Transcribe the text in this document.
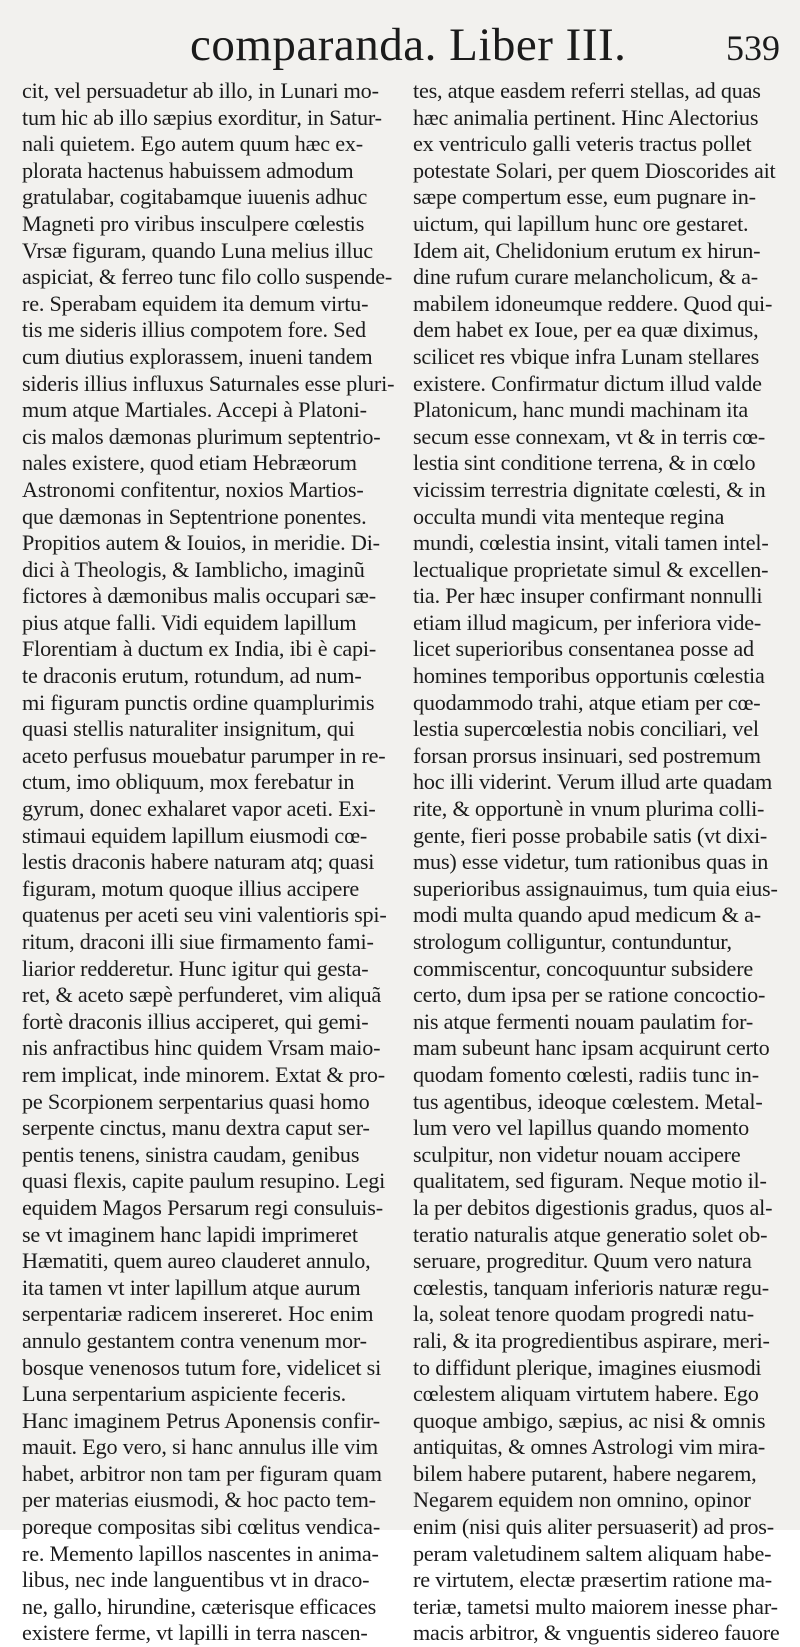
comparanda. Liber III.	539
cit, vel persuadetur ab illo, in Lunari mo-
tum hic ab illo sæpius exorditur, in Satur-
nali quietem. Ego autem quum hæc ex-
plorata hactenus habuissem admodum
gratulabar, cogitabamque iuuenis adhuc
Magneti pro viribus insculpere cœlestis
Vrsæ figuram, quando Luna melius illuc
aspiciat, & ferreo tunc filo collo suspende-
re. Sperabam equidem ita demum virtu-
tis me sideris illius compotem fore. Sed
cum diutius explorassem, inueni tandem
sideris illius influxus Saturnales esse pluri-
mum atque Martiales. Accepi à Platoni-
cis malos dæmonas plurimum septentrio-
nales existere, quod etiam Hebræorum
Astronomi confitentur, noxios Martios-
que dæmonas in Septentrione ponentes.
Propitios autem & Iouios, in meridie. Di-
dici à Theologis, & Iamblicho, imaginũ
fictores à dæmonibus malis occupari sæ-
pius atque falli. Vidi equidem lapillum
Florentiam à ductum ex India, ibi è capi-
te draconis erutum, rotundum, ad num-
mi figuram punctis ordine quamplurimis
quasi stellis naturaliter insignitum, qui
aceto perfusus mouebatur parumper in re-
ctum, imo obliquum, mox ferebatur in
gyrum, donec exhalaret vapor aceti. Exi-
stimaui equidem lapillum eiusmodi cœ-
lestis draconis habere naturam atq; quasi
figuram, motum quoque illius accipere
quatenus per aceti seu vini valentioris spi-
ritum, draconi illi siue firmamento fami-
liarior redderetur. Hunc igitur qui gesta-
ret, & aceto sæpè perfunderet, vim aliquã
fortè draconis illius acciperet, qui gemi-
nis anfractibus hinc quidem Vrsam maio-
rem implicat, inde minorem. Extat & pro-
pe Scorpionem serpentarius quasi homo
serpente cinctus, manu dextra caput ser-
pentis tenens, sinistra caudam, genibus
quasi flexis, capite paulum resupino. Legi
equidem Magos Persarum regi consuluis-
se vt imaginem hanc lapidi imprimeret
Hæmatiti, quem aureo clauderet annulo,
ita tamen vt inter lapillum atque aurum
serpentariæ radicem insereret. Hoc enim
annulo gestantem contra venenum mor-
bosque venenosos tutum fore, videlicet si
Luna serpentarium aspiciente feceris.
Hanc imaginem Petrus Aponensis confir-
mauit. Ego vero, si hanc annulus ille vim
habet, arbitror non tam per figuram quam
per materias eiusmodi, & hoc pacto tem-
poreque compositas sibi cœlitus vendica-
re. Memento lapillos nascentes in anima-
libus, nec inde languentibus vt in draco-
ne, gallo, hirundine, cæterisque efficaces
existere ferme, vt lapilli in terra nascen-
tes, atque easdem referri stellas, ad quas
hæc animalia pertinent. Hinc Alectorius
ex ventriculo galli veteris tractus pollet
potestate Solari, per quem Dioscorides ait
sæpe compertum esse, eum pugnare in-
uictum, qui lapillum hunc ore gestaret.
Idem ait, Chelidonium erutum ex hirun-
dine rufum curare melancholicum, & a-
mabilem idoneumque reddere. Quod qui-
dem habet ex Ioue, per ea quæ diximus,
scilicet res vbique infra Lunam stellares
existere. Confirmatur dictum illud valde
Platonicum, hanc mundi machinam ita
secum esse connexam, vt & in terris cœ-
lestia sint conditione terrena, & in cœlo
vicissim terrestria dignitate cœlesti, & in
occulta mundi vita menteque regina
mundi, cœlestia insint, vitali tamen intel-
lectualique proprietate simul & excellen-
tia. Per hæc insuper confirmant nonnulli
etiam illud magicum, per inferiora vide-
licet superioribus consentanea posse ad
homines temporibus opportunis cœlestia
quodammodo trahi, atque etiam per cœ-
lestia supercœlestia nobis conciliari, vel
forsan prorsus insinuari, sed postremum
hoc illi viderint. Verum illud arte quadam
rite, & opportunè in vnum plurima colli-
gente, fieri posse probabile satis (vt dixi-
mus) esse videtur, tum rationibus quas in
superioribus assignauimus, tum quia eius-
modi multa quando apud medicum & a-
strologum colliguntur, contunduntur,
commiscentur, concoquuntur subsidere
certo, dum ipsa per se ratione concoctio-
nis atque fermenti nouam paulatim for-
mam subeunt hanc ipsam acquirunt certo
quodam fomento cœlesti, radiis tunc in-
tus agentibus, ideoque cœlestem. Metal-
lum vero vel lapillus quando momento
sculpitur, non videtur nouam accipere
qualitatem, sed figuram. Neque motio il-
la per debitos digestionis gradus, quos al-
teratio naturalis atque generatio solet ob-
seruare, progreditur. Quum vero natura
cœlestis, tanquam inferioris naturæ regu-
la, soleat tenore quodam progredi natu-
rali, & ita progredientibus aspirare, meri-
to diffidunt plerique, imagines eiusmodi
cœlestem aliquam virtutem habere. Ego
quoque ambigo, sæpius, ac nisi & omnis
antiquitas, & omnes Astrologi vim mira-
bilem habere putarent, habere negarem,
Negarem equidem non omnino, opinor
enim (nisi quis aliter persuaserit) ad pros-
peram valetudinem saltem aliquam habe-
re virtutem, electæ præsertim ratione ma-
teriæ, tametsi multo maiorem inesse phar-
macis arbitror, & vnguentis sidereo fauore
